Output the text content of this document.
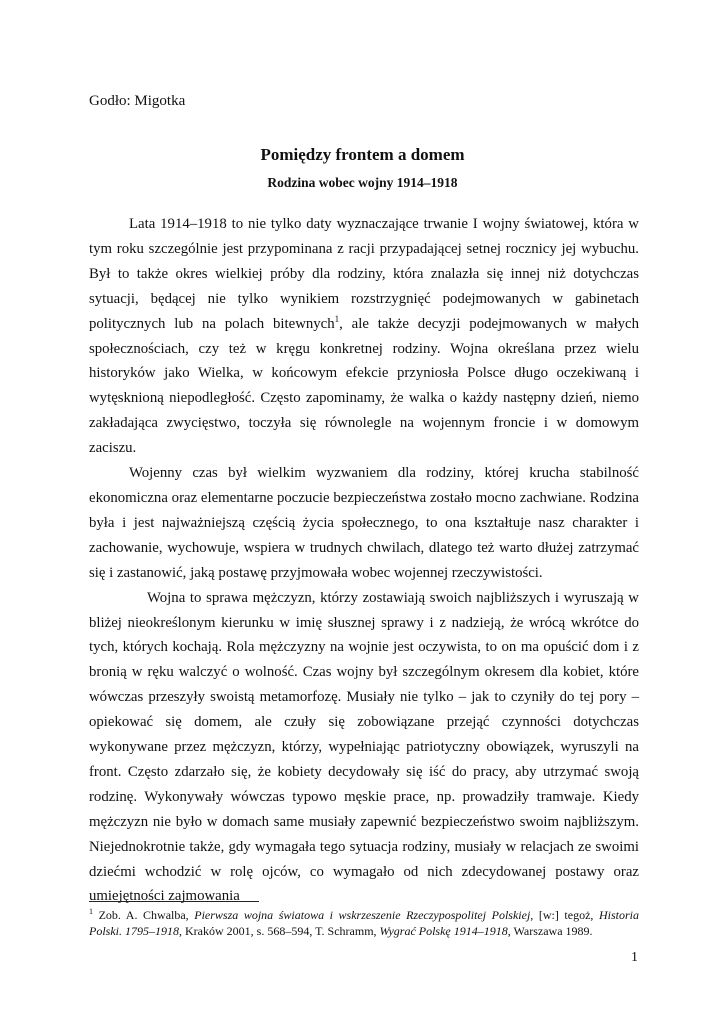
Godło: Migotka
Pomiędzy frontem a domem
Rodzina wobec wojny 1914–1918

Lata 1914–1918 to nie tylko daty wyznaczające trwanie I wojny światowej, która w tym roku szczególnie jest przypominana z racji przypadającej setnej rocznicy jej wybuchu. Był to także okres wielkiej próby dla rodziny, która znalazła się innej niż dotychczas sytuacji, będącej nie tylko wynikiem rozstrzygnięć podejmowanych w gabinetach politycznych lub na polach bitewnych$^1$, ale także decyzji podejmowanych w małych społecznościach, czy też w kręgu konkretnej rodziny. Wojna określana przez wielu historyków jako Wielka, w końcowym efekcie przyniosła Polsce długo oczekiwaną i wytęsknioną niepodległość. Często zapominamy, że walka o każdy następny dzień, niemo zakładająca zwycięstwo, toczyła się równolegle na wojennym froncie i w domowym zaciszu.

Wojenny czas był wielkim wyzwaniem dla rodziny, której krucha stabilność ekonomiczna oraz elementarne poczucie bezpieczeństwa zostało mocno zachwiane. Rodzina była i jest najważniejszą częścią życia społecznego, to ona kształtuje nasz charakter i zachowanie, wychowuje, wspiera w trudnych chwilach, dlatego też warto dłużej zatrzymać się i zastanowić, jaką postawę przyjmowała wobec wojennej rzeczywistości.

Wojna to sprawa mężczyzn, którzy zostawiają swoich najbliższych i wyruszają w bliżej nieokreślonym kierunku w imię słusznej sprawy i z nadzieją, że wrócą wkrótce do tych, których kochają. Rola mężczyzny na wojnie jest oczywista, to on ma opuścić dom i z bronią w ręku walczyć o wolność. Czas wojny był szczególnym okresem dla kobiet, które wówczas przeszyły swoistą metamorfozę. Musiały nie tylko – jak to czyniły do tej pory – opiekować się domem, ale czuły się zobowiązane przejąć czynności dotychczas wykonywane przez mężczyzn, którzy, wypełniając patriotyczny obowiązek, wyruszyli na front. Często zdarzało się, że kobiety decydowały się iść do pracy, aby utrzymać swoją rodzinę. Wykonywały wówczas typowo męskie prace, np. prowadziły tramwaje. Kiedy mężczyzn nie było w domach same musiały zapewnić bezpieczeństwo swoim najbliższym. Niejednokrotnie także, gdy wymagała tego sytuacja rodziny, musiały w relacjach ze swoimi dziećmi wchodzić w rolę ojców, co wymagało od nich zdecydowanej postawy oraz umiejętności zajmowania

$^1$ Zob. A. Chwalba, Pierwsza wojna światowa i wskrzeszenie Rzeczypospolitej Polskiej, [w:] tegoż, Historia Polski. 1795–1918, Kraków 2001, s. 568–594, T. Schramm, Wygrać Polskę 1914–1918, Warszawa 1989.
1
